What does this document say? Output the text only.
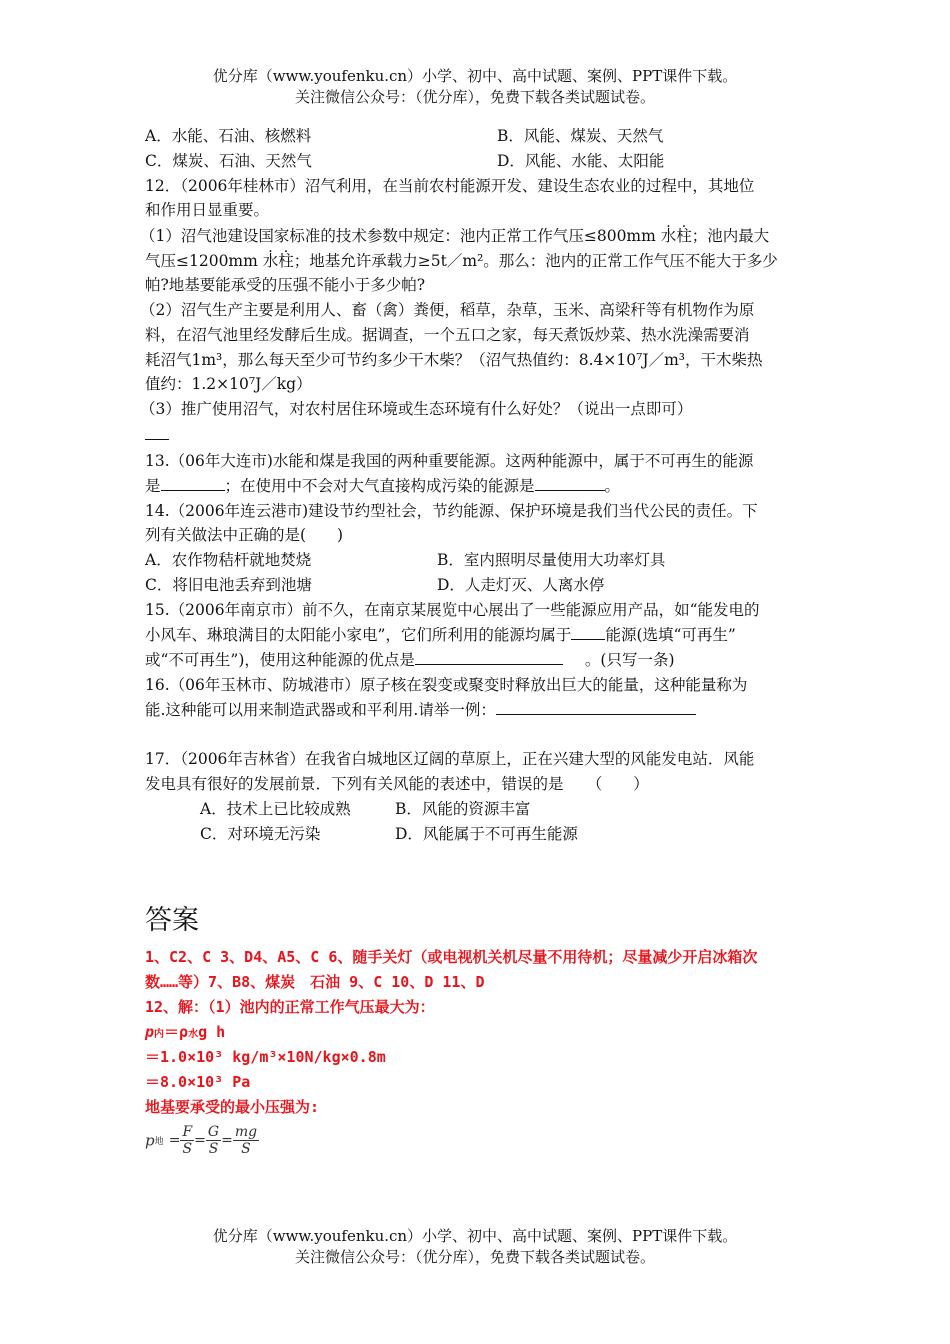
优分库（www.youfenku.cn）小学、初中、高中试题、案例、PPT课件下载。
关注微信公众号：（优分库），免费下载各类试题试卷。
A．水能、石油、核燃料	B．风能、煤炭、天然气
C．煤炭、石油、天然气	D．风能、水能、太阳能
12．（2006年桂林市）沼气利用，在当前农村能源开发、建设生态农业的过程中，其地位
和作用日显重要。
（1）沼气池建设国家标准的技术参数中规定：池内正常工作气压≤800mm 水柱；池内最大
气压≤1200mm 水柱；地基允许承载力≥5t／m²。那么：池内的正常工作气压不能大于多少
帕?地基要能承受的压强不能小于多少帕?
（2）沼气生产主要是利用人、畜（禽）粪便，稻草，杂草，玉米、高梁秆等有机物作为原
料，在沼气池里经发酵后生成。据调查，一个五口之家，每天煮饭炒菜、热水洗澡需要消
耗沼气1m³，那么每天至少可节约多少干木柴？（沼气热值约：8.4×10⁷J／m³，干木柴热
值约：1.2×10⁷J／kg）
（3）推广使用沼气，对农村居住环境或生态环境有什么好处？（说出一点即可）
13.（06年大连市)水能和煤是我国的两种重要能源。这两种能源中，属于不可再生的能源
是	；在使用中不会对大气直接构成污染的能源是	。
14.（2006年连云港市)建设节约型社会，节约能源、保护环境是我们当代公民的责任。下
列有关做法中正确的是(　　)
A．农作物秸杆就地焚烧	B．室内照明尽量使用大功率灯具
C．将旧电池丢弃到池塘	D．人走灯灭、人离水停
15.（2006年南京市）前不久，在南京某展览中心展出了一些能源应用产品，如“能发电的
小风车、琳琅满目的太阳能小家电”，它们所利用的能源均属于 能源(选填“可再生”
或“不可再生”)，使用这种能源的优点是	。(只写一条)
16.（06年玉林市、防城港市）原子核在裂变或聚变时释放出巨大的能量，这种能量称为
能.这种能可以用来制造武器或和平利用.请举一例：
17．（2006年吉林省）在我省白城地区辽阔的草原上，正在兴建大型的风能发电站．风能
发电具有很好的发展前景．下列有关风能的表述中，错误的是　　（　　）
A．技术上已比较成熟	B．风能的资源丰富
C．对环境无污染	D．风能属于不可再生能源
答案
1、C2、C 3、D4、A5、C 6、随手关灯（或电视机关机尽量不用待机；尽量减少开启冰箱次
数……等）7、B8、煤炭　石油 9、C 10、D 11、D
12、解：（1）池内的正常工作气压最大为：
p内＝ρ水g h
＝1.0×10³ kg/m³×10N/kg×0.8m
＝8.0×10³ Pa
地基要承受的最小压强为:
p地 = $\frac{F}{S} = \frac{G}{S} = \frac{mg}{S}$
优分库（www.youfenku.cn）小学、初中、高中试题、案例、PPT课件下载。
关注微信公众号：（优分库），免费下载各类试题试卷。
